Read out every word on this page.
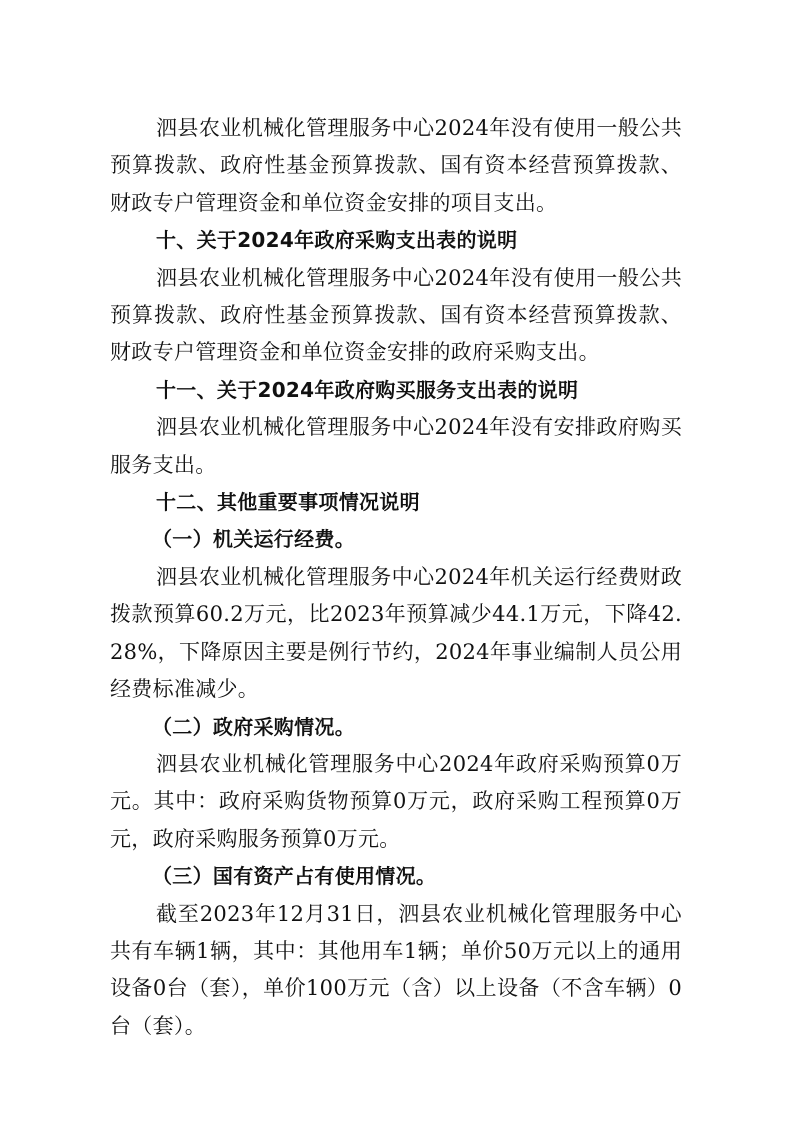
泗县农业机械化管理服务中心2024年没有使用一般公共预算拨款、政府性基金预算拨款、国有资本经营预算拨款、财政专户管理资金和单位资金安排的项目支出。

十、关于2024年政府采购支出表的说明

泗县农业机械化管理服务中心2024年没有使用一般公共预算拨款、政府性基金预算拨款、国有资本经营预算拨款、财政专户管理资金和单位资金安排的政府采购支出。

十一、关于2024年政府购买服务支出表的说明

泗县农业机械化管理服务中心2024年没有安排政府购买服务支出。

十二、其他重要事项情况说明

（一）机关运行经费。

泗县农业机械化管理服务中心2024年机关运行经费财政拨款预算60.2万元，比2023年预算减少44.1万元，下降42.28%，下降原因主要是例行节约，2024年事业编制人员公用经费标准减少。

（二）政府采购情况。

泗县农业机械化管理服务中心2024年政府采购预算0万元。其中：政府采购货物预算0万元，政府采购工程预算0万元，政府采购服务预算0万元。

（三）国有资产占有使用情况。

截至2023年12月31日，泗县农业机械化管理服务中心共有车辆1辆，其中：其他用车1辆；单价50万元以上的通用设备0台（套），单价100万元（含）以上设备（不含车辆）0台（套）。
